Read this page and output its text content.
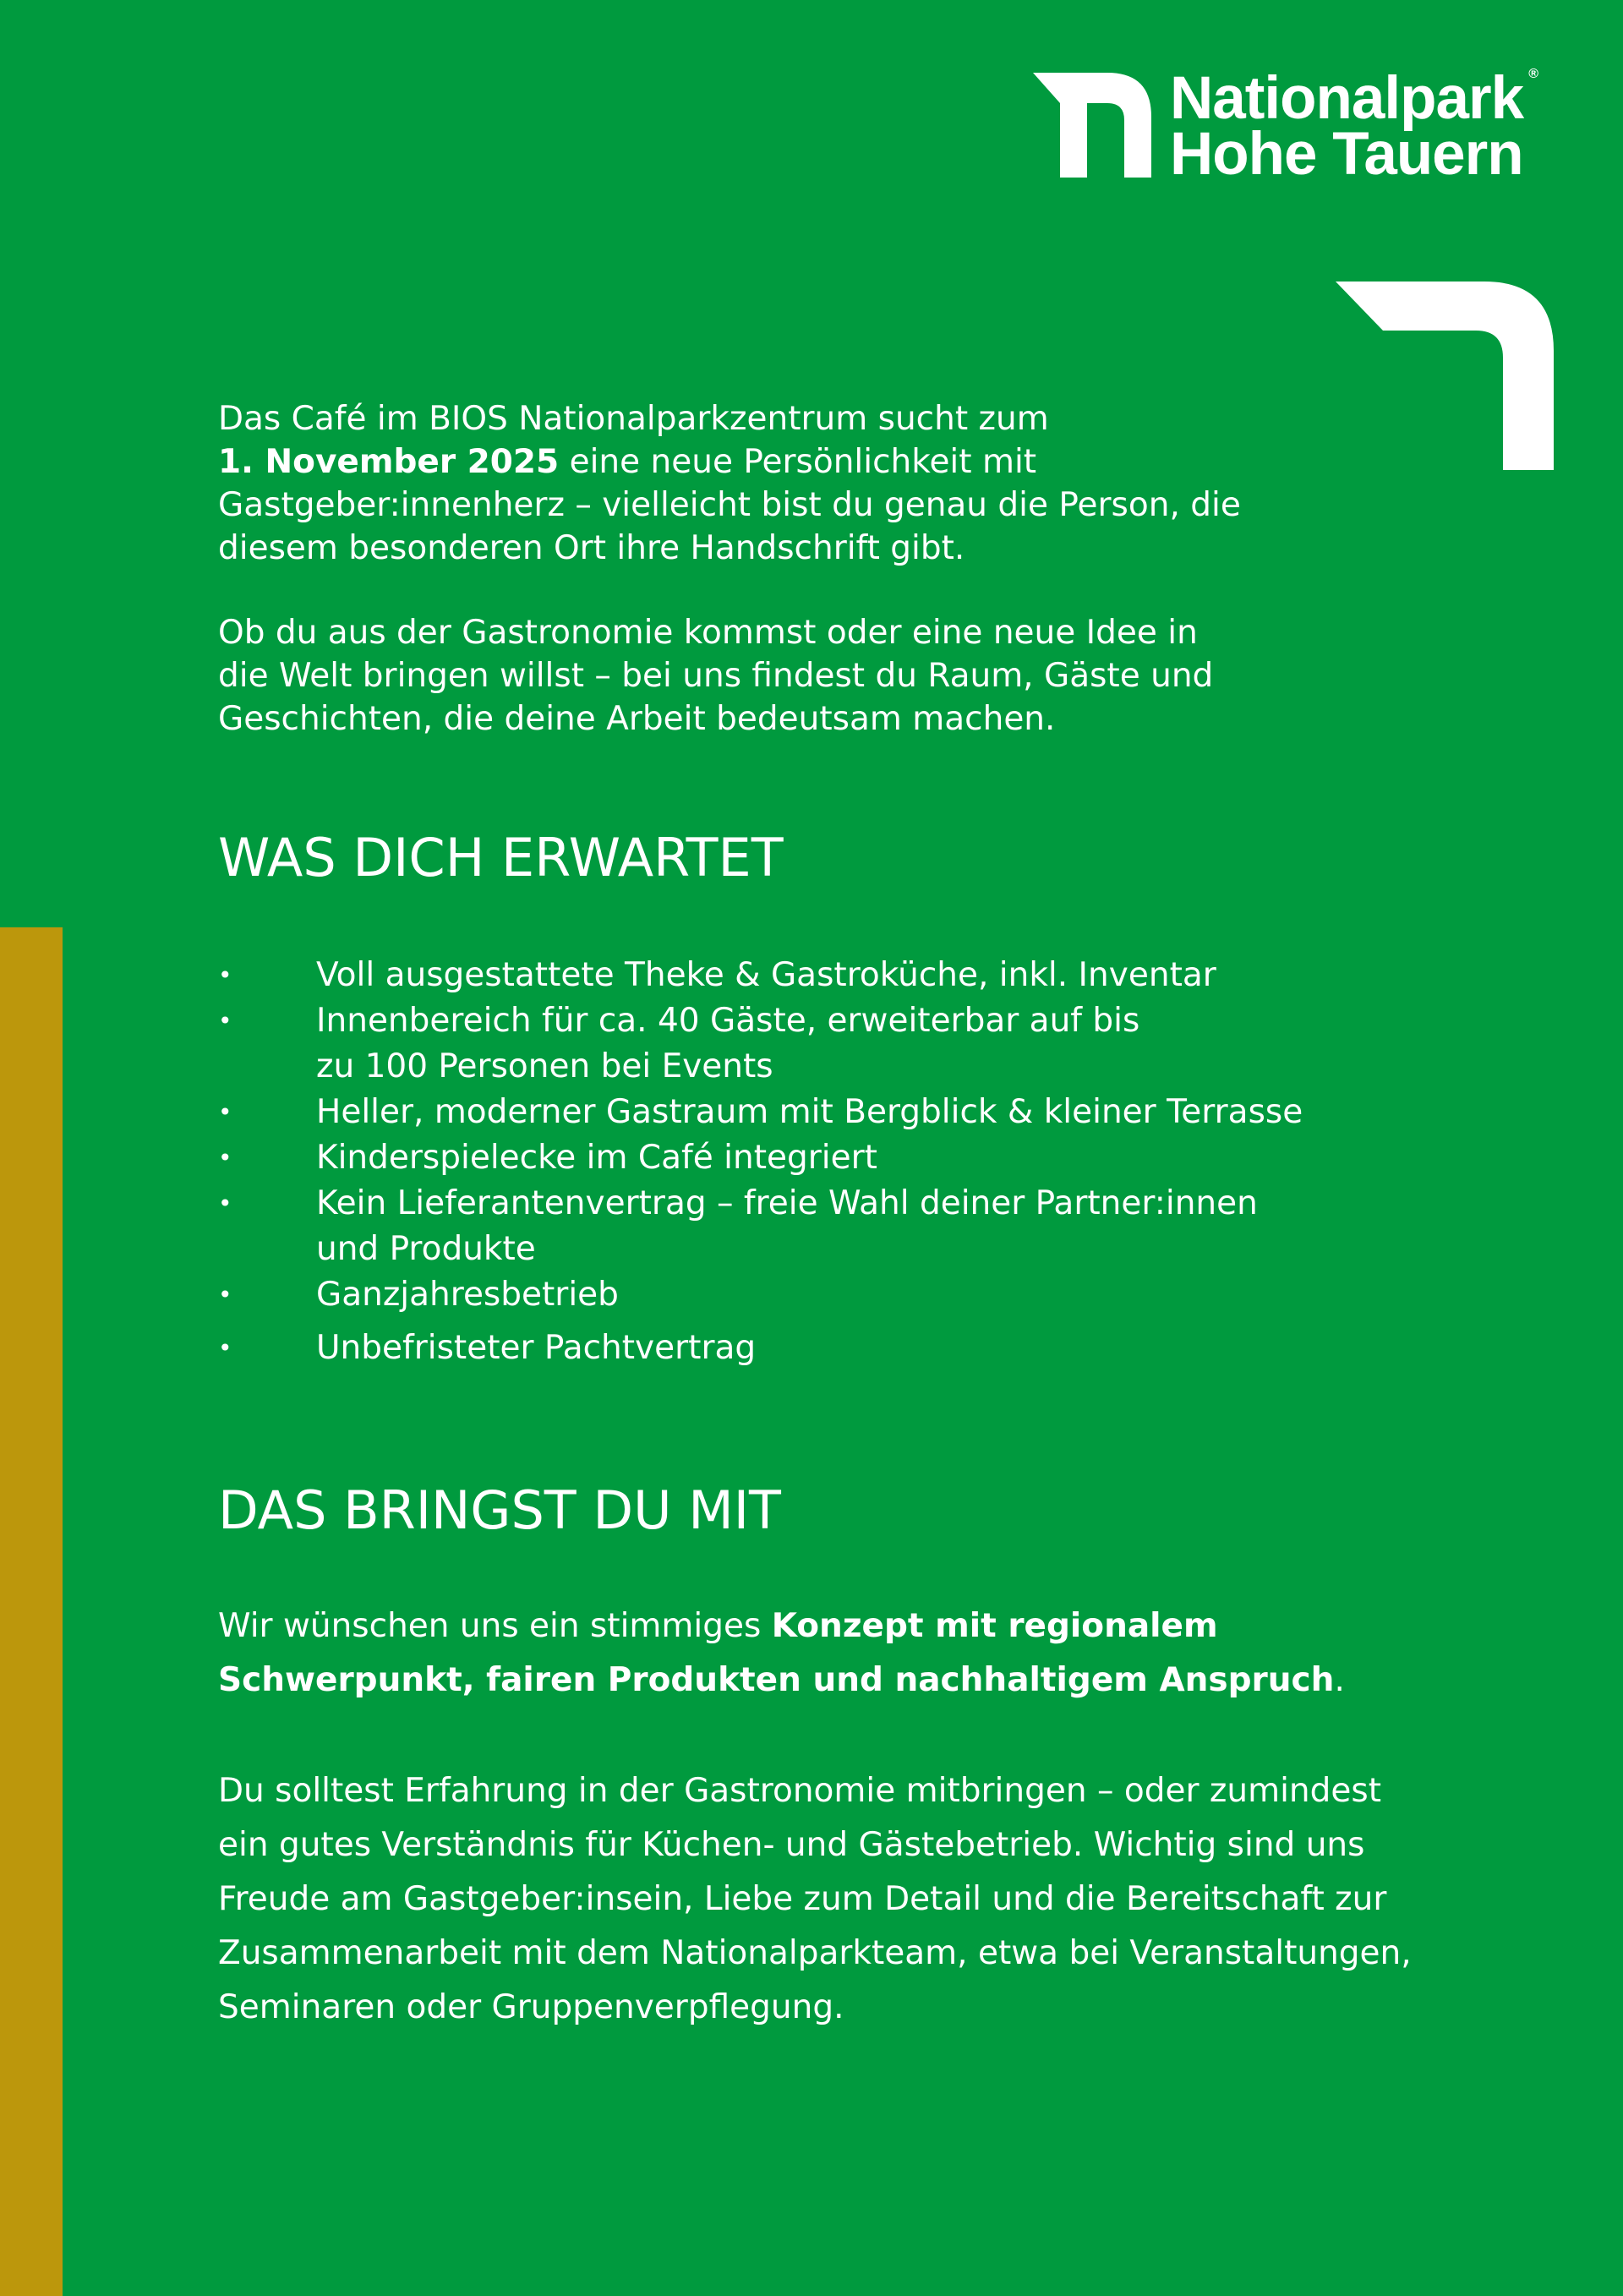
Nationalpark
Hohe Tauern
®

Das Café im BIOS Nationalparkzentrum sucht zum
1. November 2025 eine neue Persönlichkeit mit
Gastgeber:innenherz – vielleicht bist du genau die Person, die
diesem besonderen Ort ihre Handschrift gibt.

Ob du aus der Gastronomie kommst oder eine neue Idee in
die Welt bringen willst – bei uns findest du Raum, Gäste und
Geschichten, die deine Arbeit bedeutsam machen.

WAS DICH ERWARTET
•	Voll ausgestattete Theke & Gastroküche, inkl. Inventar
•	Innenbereich für ca. 40 Gäste, erweiterbar auf bis
zu 100 Personen bei Events
•	Heller, moderner Gastraum mit Bergblick & kleiner Terrasse
•	Kinderspielecke im Café integriert
•	Kein Lieferantenvertrag – freie Wahl deiner Partner:innen
und Produkte
•	Ganzjahresbetrieb
•	Unbefristeter Pachtvertrag
DAS BRINGST DU MIT

Wir wünschen uns ein stimmiges Konzept mit regionalem
Schwerpunkt, fairen Produkten und nachhaltigem Anspruch.

Du solltest Erfahrung in der Gastronomie mitbringen – oder zumindest
ein gutes Verständnis für Küchen- und Gästebetrieb. Wichtig sind uns
Freude am Gastgeber:insein, Liebe zum Detail und die Bereitschaft zur
Zusammenarbeit mit dem Nationalparkteam, etwa bei Veranstaltungen,
Seminaren oder Gruppenverpflegung.
